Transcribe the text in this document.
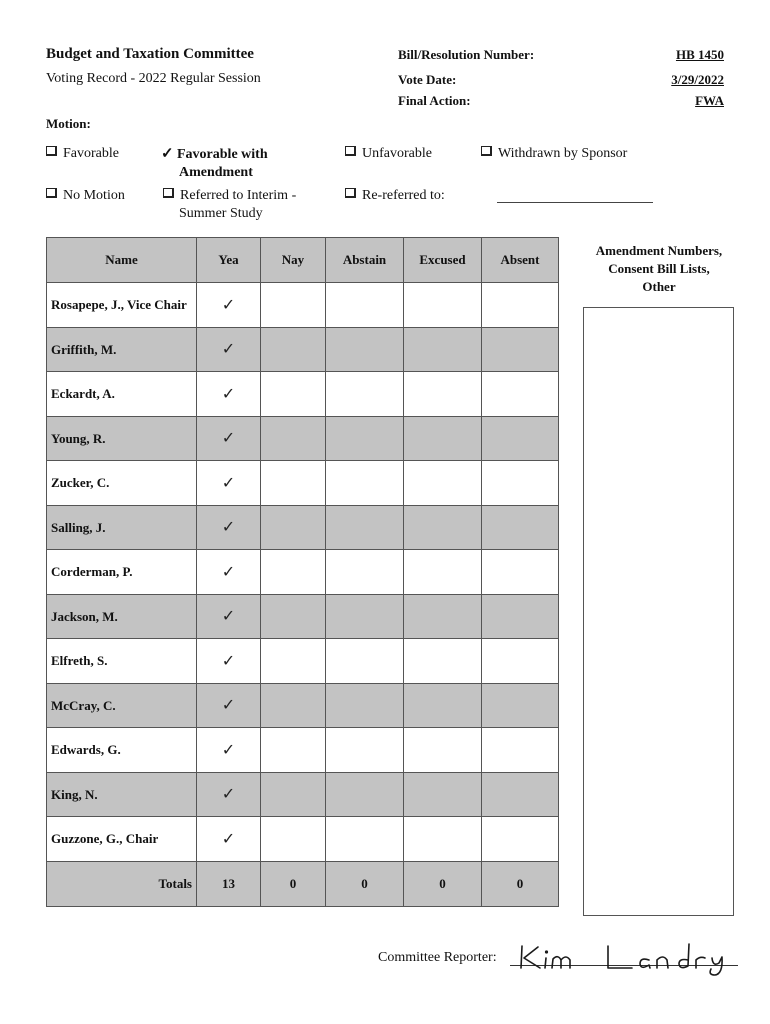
Budget and Taxation Committee
Voting Record - 2022 Regular Session
Bill/Resolution Number:	HB 1450
Vote Date:	3/29/2022
Final Action:	FWA
Motion:
Favorable	✓ Favorable with
Amendment
Unfavorable	Withdrawn by Sponsor
No Motion	Referred to Interim -
Summer Study
Re-referred to:
Name	Yea	Nay	Abstain	Excused	Absent
Rosapepe, J., Vice Chair	✓				
Griffith, M.	✓				
Eckardt, A.	✓				
Young, R.	✓				
Zucker, C.	✓				
Salling, J.	✓				
Corderman, P.	✓				
Jackson, M.	✓				
Elfreth, S.	✓				
McCray, C.	✓				
Edwards, G.	✓				
King, N.	✓				
Guzzone, G., Chair	✓				
Totals	13	0	0	0	0
Amendment Numbers,
Consent Bill Lists,
Other
Committee Reporter:
